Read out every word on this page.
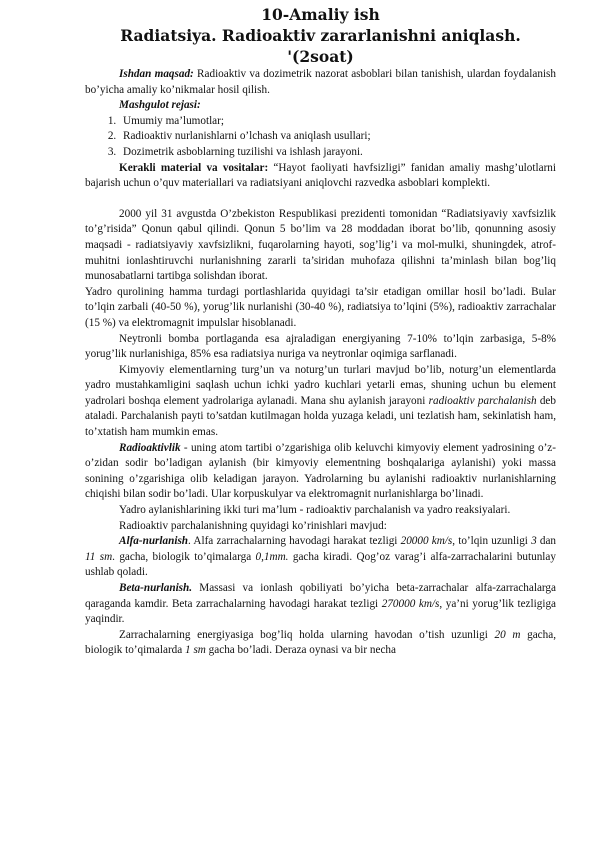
10-Amaliy ish
Radiatsiya. Radioaktiv zararlanishni aniqlash.
'(2soat)

Ishdan maqsad: Radioaktiv va dozimetrik nazorat asboblari bilan tanishish, ulardan foydalanish bo’yicha amaliy ko’nikmalar hosil qilish.

Mashgulot rejasi:

1. Umumiy ma’lumotlar;
2. Radioaktiv nurlanishlarni o’lchash va aniqlash usullari;
3. Dozimetrik asboblarning tuzilishi va ishlash jarayoni.

Kerakli material va vositalar: “Hayot faoliyati havfsizligi” fanidan amaliy mashg’ulotlarni bajarish uchun o’quv materiallari va radiatsiyani aniqlovchi razvedka asboblari komplekti.

2000 yil 31 avgustda O’zbekiston Respublikasi prezidenti tomonidan “Radiatsiyaviy xavfsizlik to’g’risida” Qonun qabul qilindi. Qonun 5 bo’lim va 28 moddadan iborat bo’lib, qonunning asosiy maqsadi - radiatsiyaviy xavfsizlikni, fuqarolarning hayoti, sog’lig’i va mol-mulki, shuningdek, atrof-muhitni ionlashtiruvchi nurlanishning zararli ta’siridan muhofaza qilishni ta’minlash bilan bog’liq munosabatlarni tartibga solishdan iborat.

Yadro qurolining hamma turdagi portlashlarida quyidagi ta’sir etadigan omillar hosil bo’ladi. Bular to’lqin zarbali (40-50 %), yorug’lik nurlanishi (30-40 %), radiatsiya to’lqini (5%), radioaktiv zarrachalar (15 %) va elektromagnit impulslar hisoblanadi.

Neytronli bomba portlaganda esa ajraladigan energiyaning 7-10% to’lqin zarbasiga, 5-8% yorug’lik nurlanishiga, 85% esa radiatsiya nuriga va neytronlar oqimiga sarflanadi.

Kimyoviy elementlarning turg’un va noturg’un turlari mavjud bo’lib, noturg’un elementlarda yadro mustahkamligini saqlash uchun ichki yadro kuchlari yetarli emas, shuning uchun bu element yadrolari boshqa element yadrolariga aylanadi. Mana shu aylanish jarayoni radioaktiv parchalanish deb ataladi. Parchalanish payti to’satdan kutilmagan holda yuzaga keladi, uni tezlatish ham, sekinlatish ham, to’xtatish ham mumkin emas.

Radioaktivlik - uning atom tartibi o’zgarishiga olib keluvchi kimyoviy element yadrosining o’z-o’zidan sodir bo’ladigan aylanish (bir kimyoviy elementning boshqalariga aylanishi) yoki massa sonining o’zgarishiga olib keladigan jarayon. Yadrolarning bu aylanishi radioaktiv nurlanishlarning chiqishi bilan sodir bo’ladi. Ular korpuskulyar va elektromagnit nurlanishlarga bo’linadi.

Yadro aylanishlarining ikki turi ma’lum - radioaktiv parchalanish va yadro reaksiyalari.

Radioaktiv parchalanishning quyidagi ko’rinishlari mavjud:

Alfa-nurlanish. Alfa zarrachalarning havodagi harakat tezligi 20000 km/s, to’lqin uzunligi 3 dan 11 sm. gacha, biologik to’qimalarga 0,1mm. gacha kiradi. Qog’oz varag’i alfa-zarrachalarini butunlay ushlab qoladi.

Beta-nurlanish. Massasi va ionlash qobiliyati bo’yicha beta-zarrachalar alfa-zarrachalarga qaraganda kamdir. Beta zarrachalarning havodagi harakat tezligi 270000 km/s, ya’ni yorug’lik tezligiga yaqindir.

Zarrachalarning energiyasiga bog’liq holda ularning havodan o’tish uzunligi 20 m gacha, biologik to’qimalarda 1 sm gacha bo’ladi. Deraza oynasi va bir necha
